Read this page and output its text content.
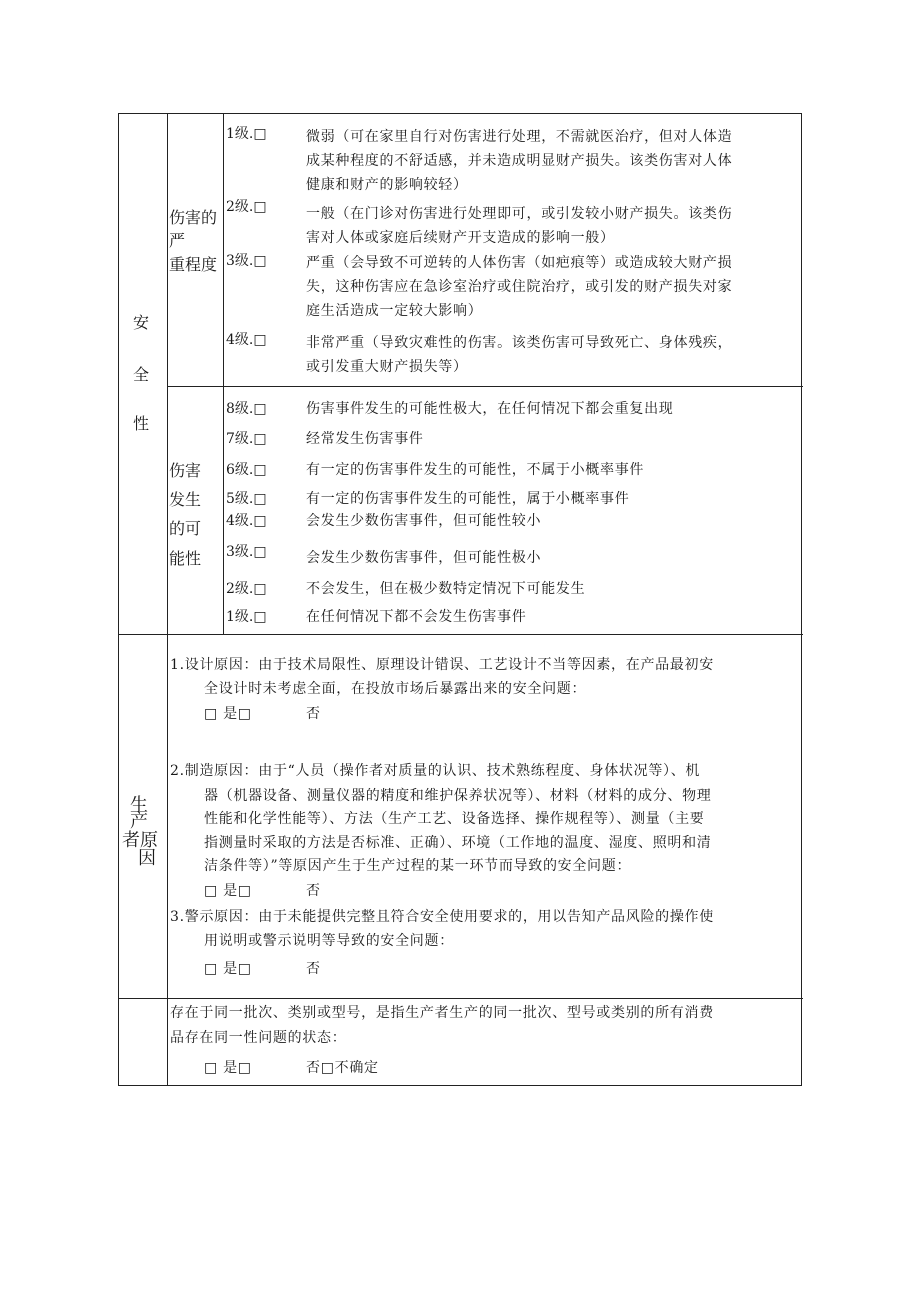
安
全
性
伤害的
严
重程度
1级.□	微弱（可在家里自行对伤害进行处理，不需就医治疗，但对人体造
成某种程度的不舒适感，并未造成明显财产损失。该类伤害对人体
健康和财产的影响较轻）
2级.□	一般（在门诊对伤害进行处理即可，或引发较小财产损失。该类伤
害对人体或家庭后续财产开支造成的影响一般）
3级.□	严重（会导致不可逆转的人体伤害（如疤痕等）或造成较大财产损
失，这种伤害应在急诊室治疗或住院治疗，或引发的财产损失对家
庭生活造成一定较大影响）
4级.□	非常严重（导致灾难性的伤害。该类伤害可导致死亡、身体残疾，
或引发重大财产损失等）
伤害
发生
的可
能性
8级.□	伤害事件发生的可能性极大，在任何情况下都会重复出现
7级.□	经常发生伤害事件
6级.□	有一定的伤害事件发生的可能性，不属于小概率事件
5级.□	有一定的伤害事件发生的可能性，属于小概率事件
4级.□	会发生少数伤害事件，但可能性较小
3级.□	会发生少数伤害事件，但可能性极小
2级.□	不会发生，但在极少数特定情况下可能发生
1级.□	在任何情况下都不会发生伤害事件
生
产
者 原
因
1.设计原因：由于技术局限性、原理设计错误、工艺设计不当等因素，在产品最初安
全设计时未考虑全面，在投放市场后暴露出来的安全问题：
□ 是□	否
2.制造原因：由于“人员（操作者对质量的认识、技术熟练程度、身体状况等）、机
器（机器设备、测量仪器的精度和维护保养状况等）、材料（材料的成分、物理
性能和化学性能等）、方法（生产工艺、设备选择、操作规程等）、测量（主要
指测量时采取的方法是否标准、正确）、环境（工作地的温度、湿度、照明和清
洁条件等）”等原因产生于生产过程的某一环节而导致的安全问题：
□ 是□	否
3.警示原因：由于未能提供完整且符合安全使用要求的，用以告知产品风险的操作使
用说明或警示说明等导致的安全问题：
□ 是□	否
存在于同一批次、类别或型号，是指生产者生产的同一批次、型号或类别的所有消费
品存在同一性问题的状态：
□ 是□	否□不确定
